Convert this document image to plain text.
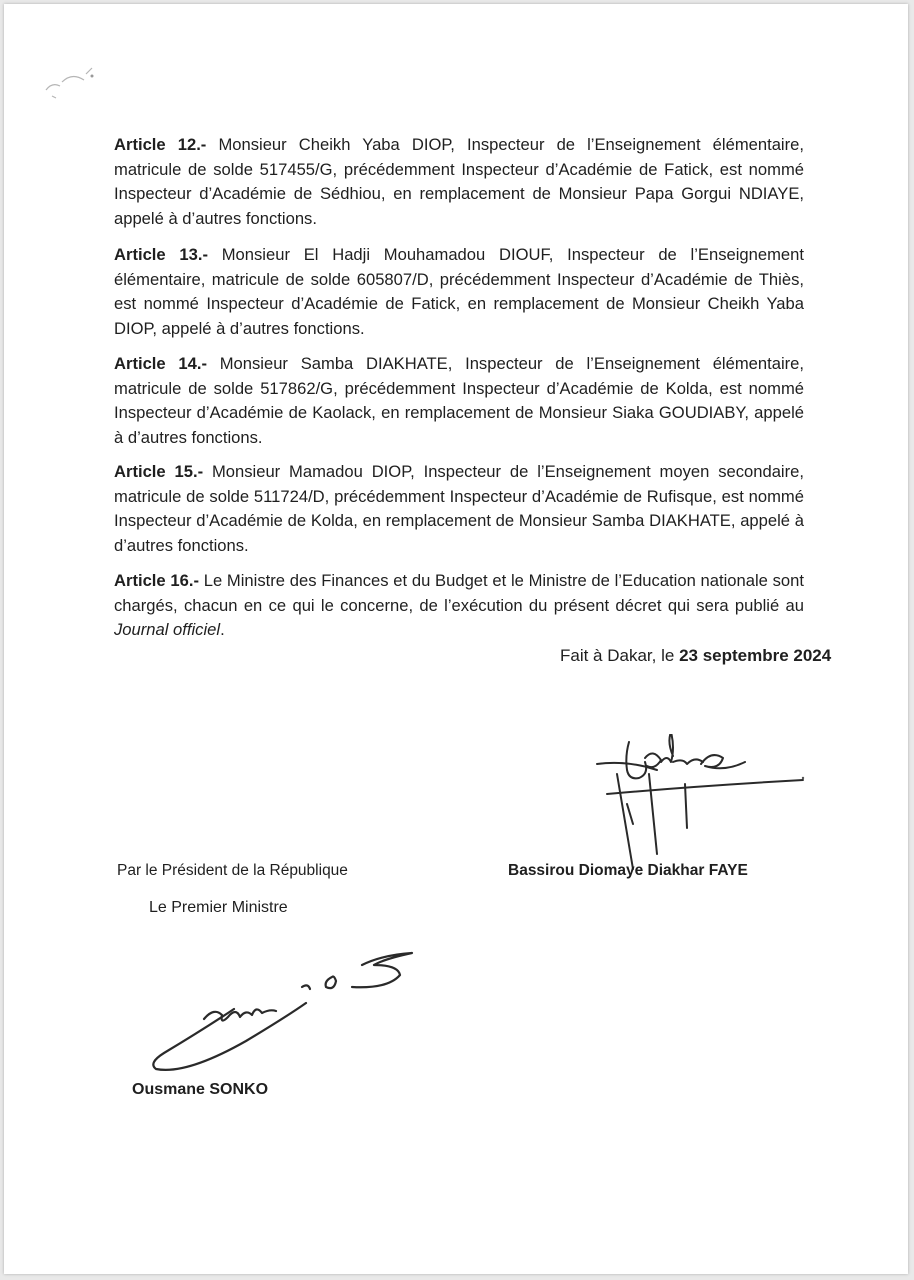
Article 12.- Monsieur Cheikh Yaba DIOP, Inspecteur de l’Enseignement élémentaire, matricule de solde 517455/G, précédemment Inspecteur d’Académie de Fatick, est nommé Inspecteur d’Académie de Sédhiou, en remplacement de Monsieur Papa Gorgui NDIAYE, appelé à d’autres fonctions.

Article 13.- Monsieur El Hadji Mouhamadou DIOUF, Inspecteur de l’Enseignement élémentaire, matricule de solde 605807/D, précédemment Inspecteur d’Académie de Thiès, est nommé Inspecteur d’Académie de Fatick, en remplacement de Monsieur Cheikh Yaba DIOP, appelé à d’autres fonctions.

Article 14.- Monsieur Samba DIAKHATE, Inspecteur de l’Enseignement élémentaire, matricule de solde 517862/G, précédemment Inspecteur d’Académie de Kolda, est nommé Inspecteur d’Académie de Kaolack, en remplacement de Monsieur Siaka GOUDIABY, appelé à d’autres fonctions.

Article 15.- Monsieur Mamadou DIOP, Inspecteur de l’Enseignement moyen secondaire, matricule de solde 511724/D, précédemment Inspecteur d’Académie de Rufisque, est nommé Inspecteur d’Académie de Kolda, en remplacement de Monsieur Samba DIAKHATE, appelé à d’autres fonctions.

Article 16.- Le Ministre des Finances et du Budget et le Ministre de l’Education nationale sont chargés, chacun en ce qui le concerne, de l’exécution du présent décret qui sera publié au Journal officiel.

Fait à Dakar, le 23 septembre 2024
Par le Président de la République
Le Premier Ministre
Bassirou Diomaye Diakhar FAYE
Ousmane SONKO
